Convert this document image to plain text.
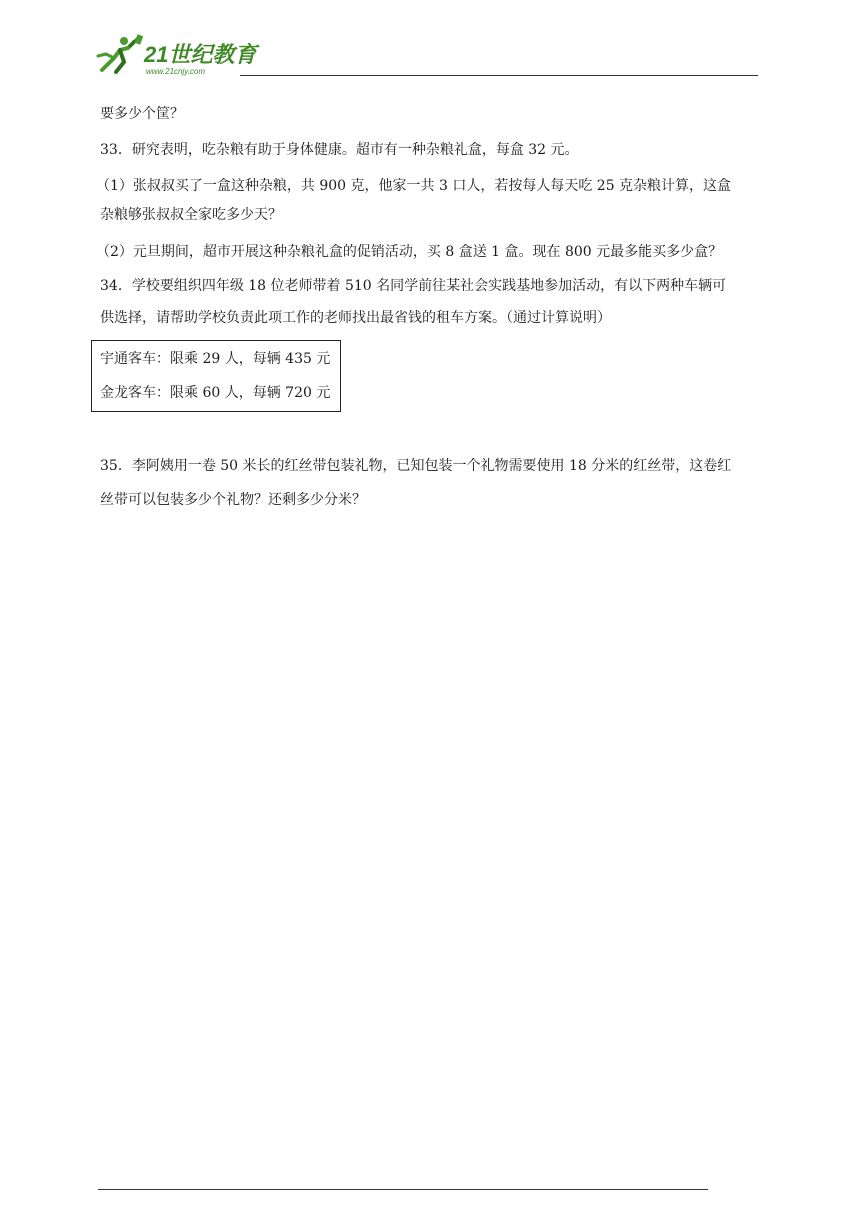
21世纪教育
www.21cnjy.com
要多少个筐？
33．研究表明，吃杂粮有助于身体健康。超市有一种杂粮礼盒，每盒 32 元。
（1）张叔叔买了一盒这种杂粮，共 900 克，他家一共 3 口人，若按每人每天吃 25 克杂粮计算，这盒
杂粮够张叔叔全家吃多少天？
（2）元旦期间，超市开展这种杂粮礼盒的促销活动，买 8 盒送 1 盒。现在 800 元最多能买多少盒？
34．学校要组织四年级 18 位老师带着 510 名同学前往某社会实践基地参加活动，有以下两种车辆可
供选择，请帮助学校负责此项工作的老师找出最省钱的租车方案。（通过计算说明）
宇通客车：限乘 29 人，每辆 435 元
金龙客车：限乘 60 人，每辆 720 元
35．李阿姨用一卷 50 米长的红丝带包装礼物，已知包装一个礼物需要使用 18 分米的红丝带，这卷红
丝带可以包装多少个礼物？还剩多少分米？
